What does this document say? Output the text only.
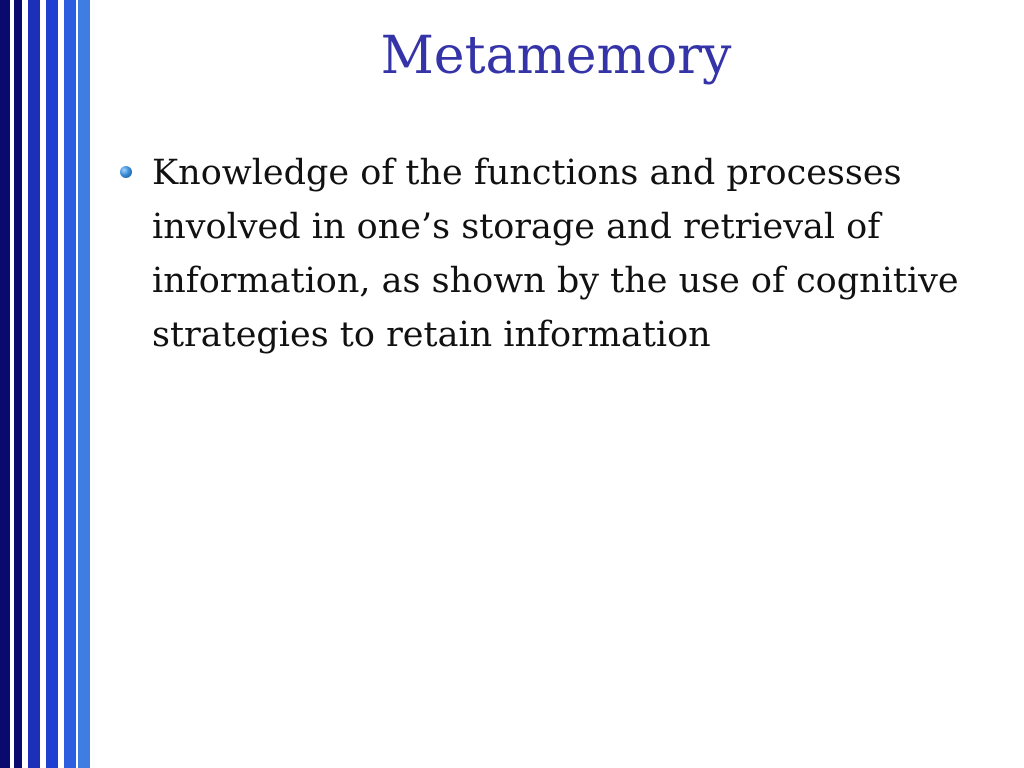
Metamemory

Knowledge of the functions and processes involved in one’s storage and retrieval of information, as shown by the use of cognitive strategies to retain information
